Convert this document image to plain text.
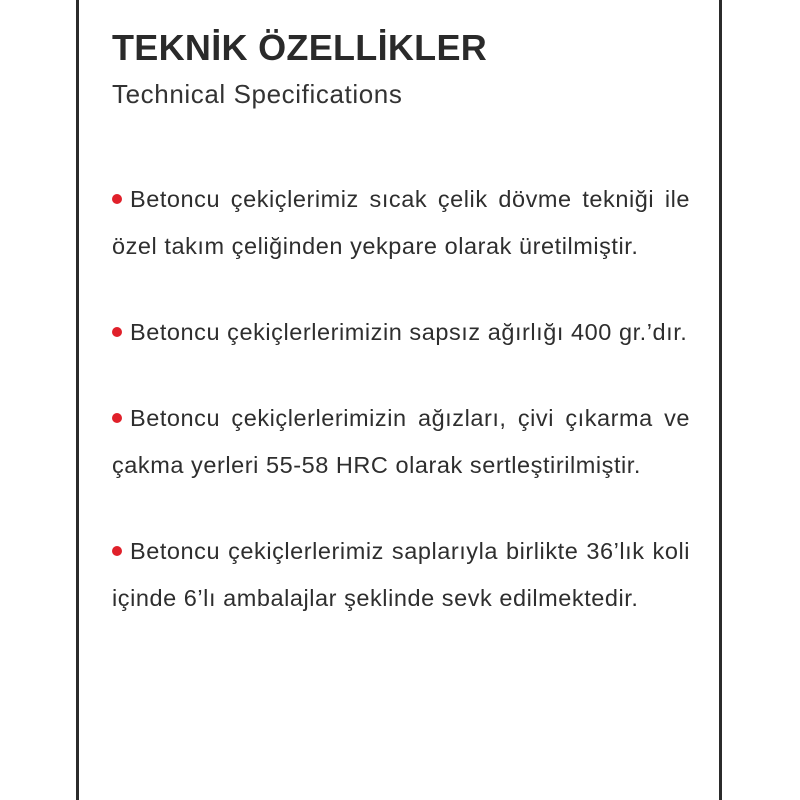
TEKNİK ÖZELLİKLER

Technical Specifications

Betoncu çekiçlerimiz sıcak çelik dövme tekniği ile özel takım çeliğinden yekpare olarak üretilmiştir.
Betoncu çekiçlerlerimizin sapsız ağırlığı 400 gr.’dır.
Betoncu çekiçlerlerimizin ağızları, çivi çıkarma ve çakma yerleri 55-58 HRC olarak sertleştirilmiştir.
Betoncu çekiçlerlerimiz saplarıyla birlikte 36’lık koli içinde 6’lı ambalajlar şeklinde sevk edilmektedir.
